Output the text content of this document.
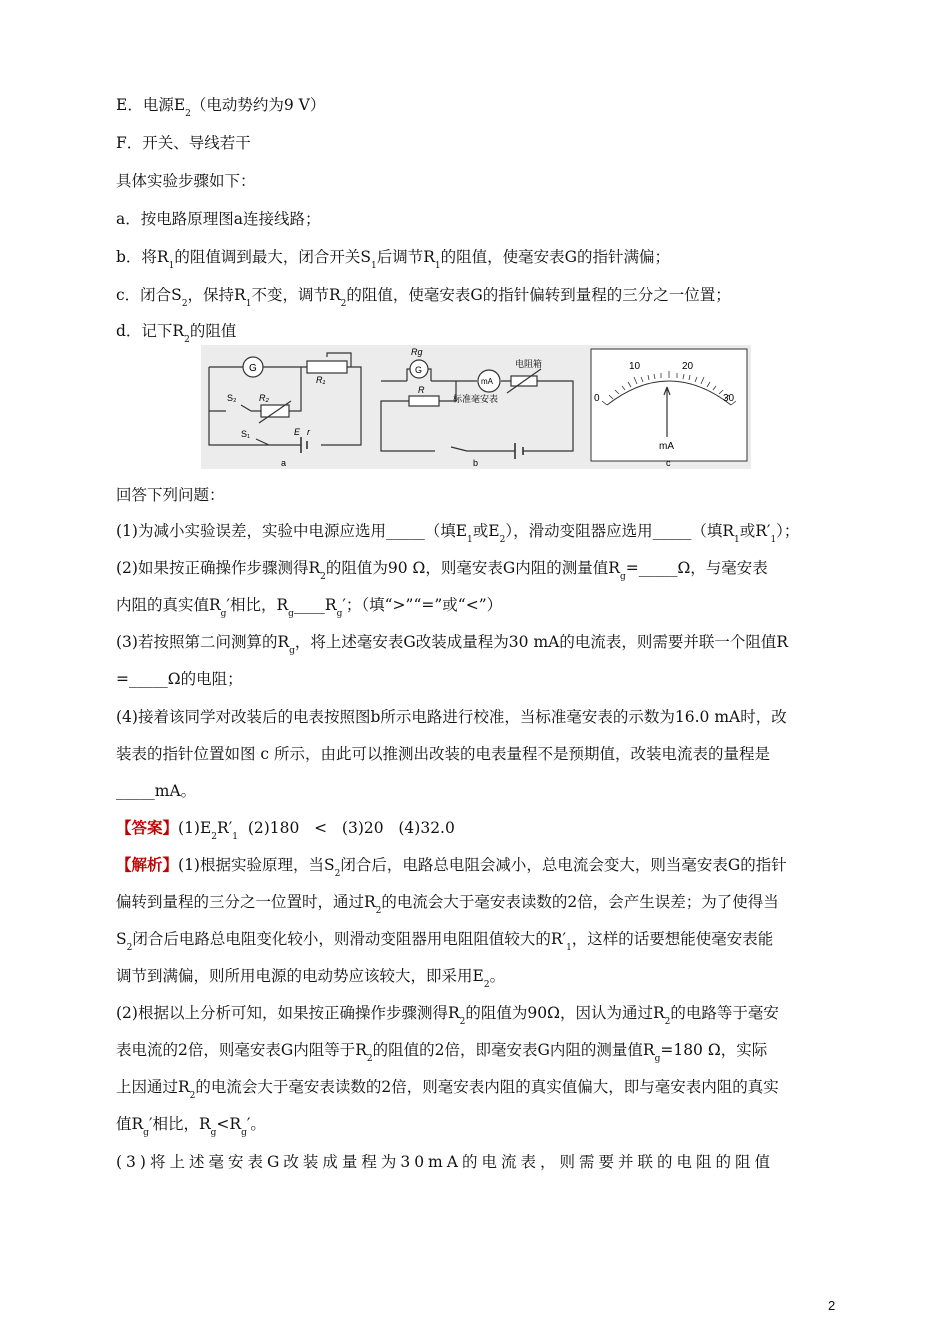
E．电源$E_2$（电动势约为9 V）
F．开关、导线若干
具体实验步骤如下：
a．按电路原理图a连接线路；
b．将$R_1$的阻值调到最大，闭合开关$S_1$后调节$R_1$的阻值，使毫安表G的指针满偏；
c．闭合$S_2$，保持$R_1$不变，调节$R_2$的阻值，使毫安表G的指针偏转到量程的三分之一位置；
d．记下$R_2$的阻值
G
R₁
R₂
S₂
S₁	E r
a
Rg
G
R
mA
电阻箱
标准毫安表
b
0
10	20
30
mA
c
回答下列问题：
(1)为减小实验误差，实验中电源应选用_____（填$E_1$或$E_2$），滑动变阻器应选用_____（填$R_1$或$R'_1$）；
(2)如果按正确操作步骤测得$R_2$的阻值为90 Ω，则毫安表G内阻的测量值$R_g=\_\_\_\_\_\Omega$，与毫安表
内阻的真实值$R_g'$相比，$R_g\_\_\_\_R_g'$；（填“>”“=”或“<”）
(3)若按照第二问测算的$R_g$，将上述毫安表G改装成量程为30 mA的电流表，则需要并联一个阻值R
=_____Ω的电阻；
(4)接着该同学对改装后的电表按照图b所示电路进行校准，当标准毫安表的示数为16.0 mA时，改
装表的指针位置如图 c 所示，由此可以推测出改装的电表量程不是预期值，改装电流表的量程是
_____mA。
【答案】$(1)E_2R'_1$  (2)180   <   (3)20   (4)32.0
【解析】(1)根据实验原理，当$S_2$闭合后，电路总电阻会减小，总电流会变大，则当毫安表G的指针
偏转到量程的三分之一位置时，通过$R_2$的电流会大于毫安表读数的2倍，会产生误差；为了使得当
$S_2$闭合后电路总电阻变化较小，则滑动变阻器用电阻阻值较大的$R'_1$，这样的话要想能使毫安表能
调节到满偏，则所用电源的电动势应该较大，即采用$E_2$。
(2)根据以上分析可知，如果按正确操作步骤测得$R_2$的阻值为90Ω，因认为通过$R_2$的电路等于毫安
表电流的2倍，则毫安表G内阻等于$R_2$的阻值的2倍，即毫安表G内阻的测量值$R_g=180$ Ω，实际
上因通过$R_2$的电流会大于毫安表读数的2倍，则毫安表内阻的真实值偏大，即与毫安表内阻的真实
值$R_g'$相比，$R_g<R_g'$。
(3)将上述毫安表G改装成量程为30mA的电流表，则需要并联的电阻的阻值
2
